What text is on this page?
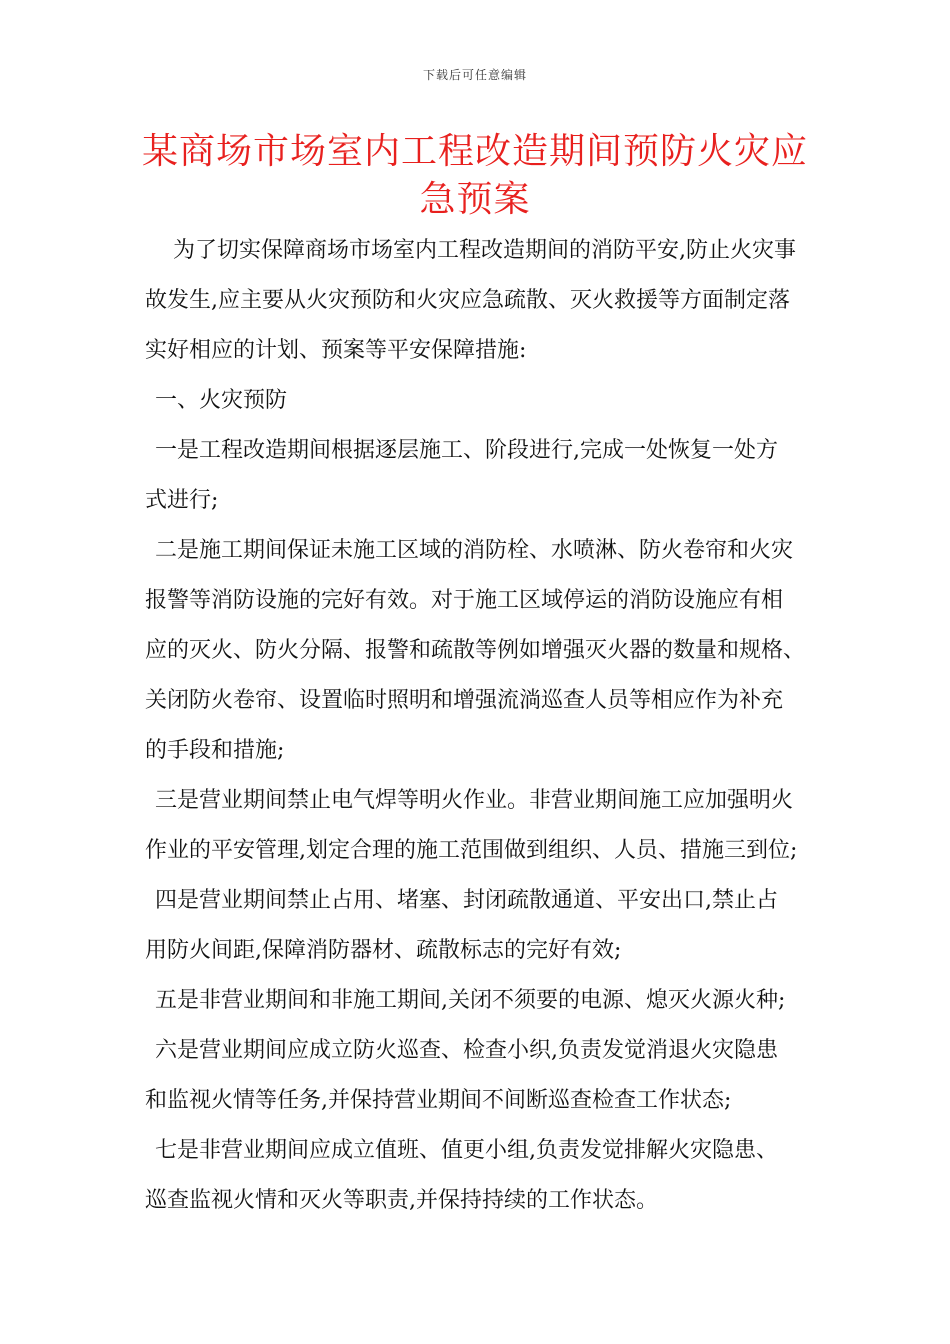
下载后可任意编辑
某商场市场室内工程改造期间预防火灾应
急预案
为了切实保障商场市场室内工程改造期间的消防平安,防止火灾事
故发生,应主要从火灾预防和火灾应急疏散、灭火救援等方面制定落
实好相应的计划、预案等平安保障措施:
一、火灾预防
一是工程改造期间根据逐层施工、阶段进行,完成一处恢复一处方
式进行;
二是施工期间保证未施工区域的消防栓、水喷淋、防火卷帘和火灾
报警等消防设施的完好有效。对于施工区域停运的消防设施应有相
应的灭火、防火分隔、报警和疏散等例如增强灭火器的数量和规格、
关闭防火卷帘、设置临时照明和增强流淌巡查人员等相应作为补充
的手段和措施;
三是营业期间禁止电气焊等明火作业。非营业期间施工应加强明火
作业的平安管理,划定合理的施工范围做到组织、人员、措施三到位;
四是营业期间禁止占用、堵塞、封闭疏散通道、平安出口,禁止占
用防火间距,保障消防器材、疏散标志的完好有效;
五是非营业期间和非施工期间,关闭不须要的电源、熄灭火源火种;
六是营业期间应成立防火巡查、检查小织,负责发觉消退火灾隐患
和监视火情等任务,并保持营业期间不间断巡查检查工作状态;
七是非营业期间应成立值班、值更小组,负责发觉排解火灾隐患、
巡查监视火情和灭火等职责,并保持持续的工作状态。
